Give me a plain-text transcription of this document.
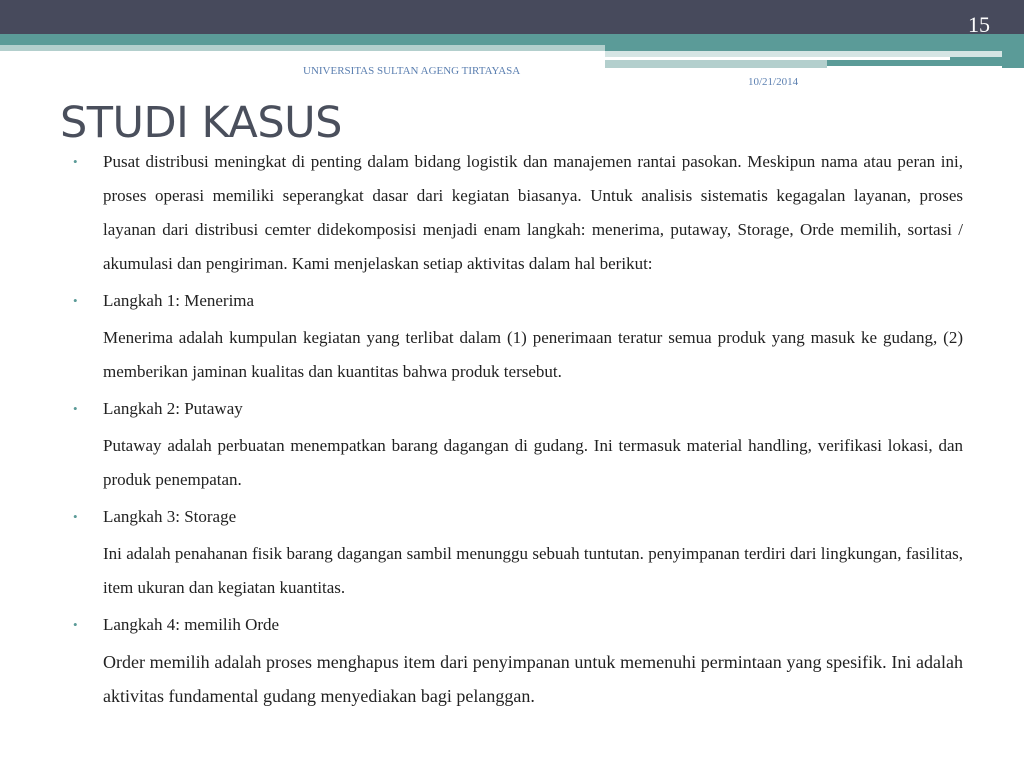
15
UNIVERSITAS SULTAN AGENG TIRTAYASA
10/21/2014
STUDI KASUS

• Pusat distribusi meningkat di penting dalam bidang logistik dan manajemen rantai pasokan. Meskipun nama atau peran ini, proses operasi memiliki seperangkat dasar dari kegiatan biasanya. Untuk analisis sistematis kegagalan layanan, proses layanan dari distribusi cemter didekomposisi menjadi enam langkah: menerima, putaway, Storage, Orde memilih, sortasi / akumulasi dan pengiriman. Kami menjelaskan setiap aktivitas dalam hal berikut:

• Langkah 1: Menerima

Menerima adalah kumpulan kegiatan yang terlibat dalam (1) penerimaan teratur semua produk yang masuk ke gudang, (2) memberikan jaminan kualitas dan kuantitas bahwa produk tersebut.

• Langkah 2: Putaway

Putaway adalah perbuatan menempatkan barang dagangan di gudang. Ini termasuk material handling, verifikasi lokasi, dan produk penempatan.

• Langkah 3: Storage

Ini adalah penahanan fisik barang dagangan sambil menunggu sebuah tuntutan. penyimpanan terdiri dari lingkungan, fasilitas, item ukuran dan kegiatan kuantitas.

• Langkah 4: memilih Orde

Order memilih adalah proses menghapus item dari penyimpanan untuk memenuhi permintaan yang spesifik. Ini adalah aktivitas fundamental gudang menyediakan bagi pelanggan.
